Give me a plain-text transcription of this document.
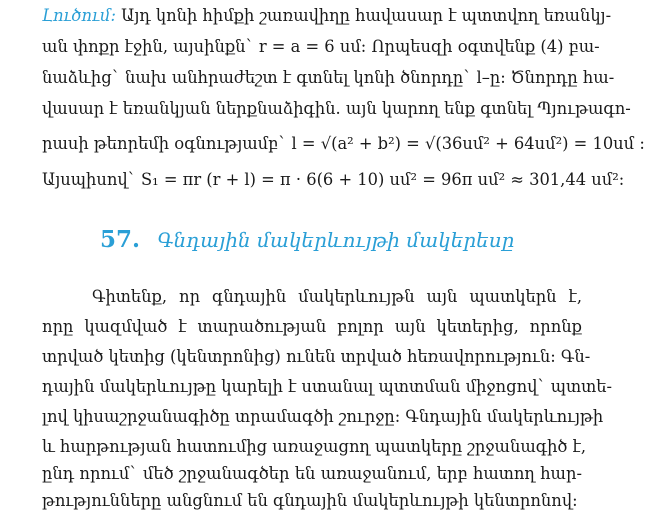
Լուծում: Այդ կոնի հիմքի շառավիղը հավասար է պտտվող եռանկյ-
ան փոքր էջին, այսինքն` r = a = 6 սմ: Որպեսզի օգտվենք (4) բա-
նաձևից` նախ անհրաժեշտ է գտնել կոնի ծնորդը` l–ը: Ծնորդը հա-
վասար է եռանկյան ներքնաձիգին. այն կարող ենք գտնել Պյութագո-
րասի թեորեմի օգնությամբ` l = √(a² + b²) = √(36սմ² + 64սմ²) = 10սմ :
Այսպիսով` S₁ = πr (r + l) = π · 6(6 + 10) սմ² = 96π սմ² ≈ 301,44 սմ²:
57. Գնդային մակերևույթի մակերեսը
Գիտենք, որ գնդային մակերևույթն այն պատկերն է,
որը կազմված է տարածության բոլոր այն կետերից, որոնք
տրված կետից (կենտրոնից) ունեն տրված հեռավորություն: Գն-
դային մակերևույթը կարելի է ստանալ պտտման միջոցով` պտտե-
լով կիսաշրջանագիծը տրամագծի շուրջը: Գնդային մակերևույթի
և հարթության հատումից առաջացող պատկերը շրջանագիծ է,
ընդ որում` մեծ շրջանագծեր են առաջանում, երբ հատող հար-
թությունները անցնում են գնդային մակերևույթի կենտրոնով:
